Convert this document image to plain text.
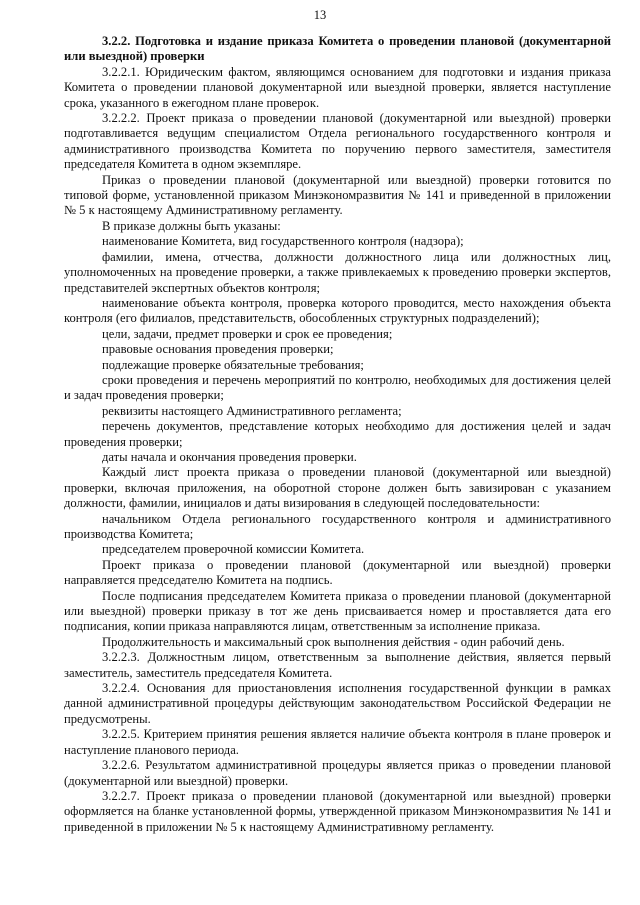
13

3.2.2. Подготовка и издание приказа Комитета о проведении плановой (документарной или выездной) проверки

3.2.2.1. Юридическим фактом, являющимся основанием для подготовки и издания приказа Комитета о проведении плановой документарной или выездной проверки, является наступление срока, указанного в ежегодном плане проверок.

3.2.2.2. Проект приказа о проведении плановой (документарной или выездной) проверки подготавливается ведущим специалистом Отдела регионального государственного контроля и административного производства Комитета по поручению первого заместителя, заместителя председателя Комитета в одном экземпляре.

Приказ о проведении плановой (документарной или выездной) проверки готовится по типовой форме, установленной приказом Минэкономразвития № 141 и приведенной в приложении № 5 к настоящему Административному регламенту.

В приказе должны быть указаны:

наименование Комитета, вид государственного контроля (надзора);

фамилии, имена, отчества, должности должностного лица или должностных лиц, уполномоченных на проведение проверки, а также привлекаемых к проведению проверки экспертов, представителей экспертных объектов контроля;

наименование объекта контроля, проверка которого проводится, место нахождения объекта контроля (его филиалов, представительств, обособленных структурных подразделений);

цели, задачи, предмет проверки и срок ее проведения;

правовые основания проведения проверки;

подлежащие проверке обязательные требования;

сроки проведения и перечень мероприятий по контролю, необходимых для достижения целей и задач проведения проверки;

реквизиты настоящего Административного регламента;

перечень документов, представление которых необходимо для достижения целей и задач проведения проверки;

даты начала и окончания проведения проверки.

Каждый лист проекта приказа о проведении плановой (документарной или выездной) проверки, включая приложения, на оборотной стороне должен быть завизирован с указанием должности, фамилии, инициалов и даты визирования в следующей последовательности:

начальником Отдела регионального государственного контроля и административного производства Комитета;

председателем проверочной комиссии Комитета.

Проект приказа о проведении плановой (документарной или выездной) проверки направляется председателю Комитета на подпись.

После подписания председателем Комитета приказа о проведении плановой (документарной или выездной) проверки приказу в тот же день присваивается номер и проставляется дата его подписания, копии приказа направляются лицам, ответственным за исполнение приказа.

Продолжительность и максимальный срок выполнения действия - один рабочий день.

3.2.2.3. Должностным лицом, ответственным за выполнение действия, является первый заместитель, заместитель председателя Комитета.

3.2.2.4. Основания для приостановления исполнения государственной функции в рамках данной административной процедуры действующим законодательством Российской Федерации не предусмотрены.

3.2.2.5. Критерием принятия решения является наличие объекта контроля в плане проверок и наступление планового периода.

3.2.2.6. Результатом административной процедуры является приказ о проведении плановой (документарной или выездной) проверки.

3.2.2.7. Проект приказа о проведении плановой (документарной или выездной) проверки оформляется на бланке установленной формы, утвержденной приказом Минэкономразвития № 141 и приведенной в приложении № 5 к настоящему Административному регламенту.
